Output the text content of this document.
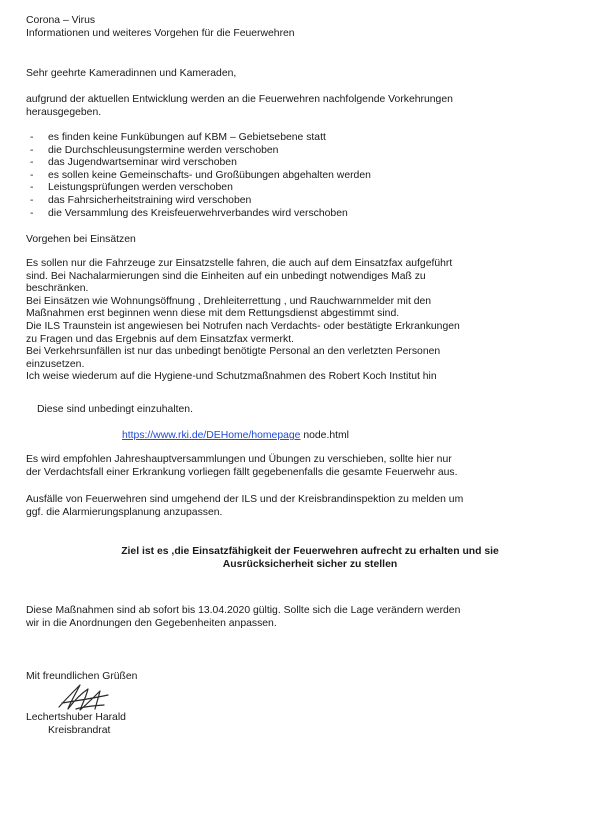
Corona – Virus

Informationen und weiteres Vorgehen für die Feuerwehren

Sehr geehrte Kameradinnen und Kameraden,

aufgrund der aktuellen Entwicklung werden an die Feuerwehren nachfolgende Vorkehrungen

herausgegeben.

- es finden keine Funkübungen auf KBM – Gebietsebene statt
- die Durchschleusungstermine werden verschoben
- das Jugendwartseminar wird verschoben
- es sollen keine Gemeinschafts- und Großübungen abgehalten werden
- Leistungsprüfungen werden verschoben
- das Fahrsicherheitstraining wird verschoben
- die Versammlung des Kreisfeuerwehrverbandes wird verschoben

Vorgehen bei Einsätzen

Es sollen nur die Fahrzeuge zur Einsatzstelle fahren, die auch auf dem Einsatzfax aufgeführt

sind. Bei Nachalarmierungen sind die Einheiten auf ein unbedingt notwendiges Maß zu

beschränken.

Bei Einsätzen wie Wohnungsöffnung , Drehleiterrettung , und Rauchwarnmelder mit den

Maßnahmen erst beginnen wenn diese mit dem Rettungsdienst abgestimmt sind.

Die ILS Traunstein ist angewiesen bei Notrufen nach Verdachts- oder bestätigte Erkrankungen

zu Fragen und das Ergebnis auf dem Einsatzfax vermerkt.

Bei Verkehrsunfällen ist nur das unbedingt benötigte Personal an den verletzten Personen

einzusetzen.

Ich weise wiederum auf die Hygiene-und Schutzmaßnahmen des Robert Koch Institut hin

Diese sind unbedingt einzuhalten.

https://www.rki.de/DEHome/homepage node.html

Es wird empfohlen Jahreshauptversammlungen und Übungen zu verschieben, sollte hier nur

der Verdachtsfall einer Erkrankung vorliegen fällt gegebenenfalls die gesamte Feuerwehr aus.

Ausfälle von Feuerwehren sind umgehend der ILS und der Kreisbrandinspektion zu melden um

ggf. die Alarmierungsplanung anzupassen.

Ziel ist es ,die Einsatzfähigkeit der Feuerwehren aufrecht zu erhalten und sie

Ausrücksicherheit sicher zu stellen

Diese Maßnahmen sind ab sofort bis 13.04.2020 gültig. Sollte sich die Lage verändern werden

wir in die Anordnungen den Gegebenheiten anpassen.

Mit freundlichen Grüßen

Lechertshuber Harald

Kreisbrandrat
